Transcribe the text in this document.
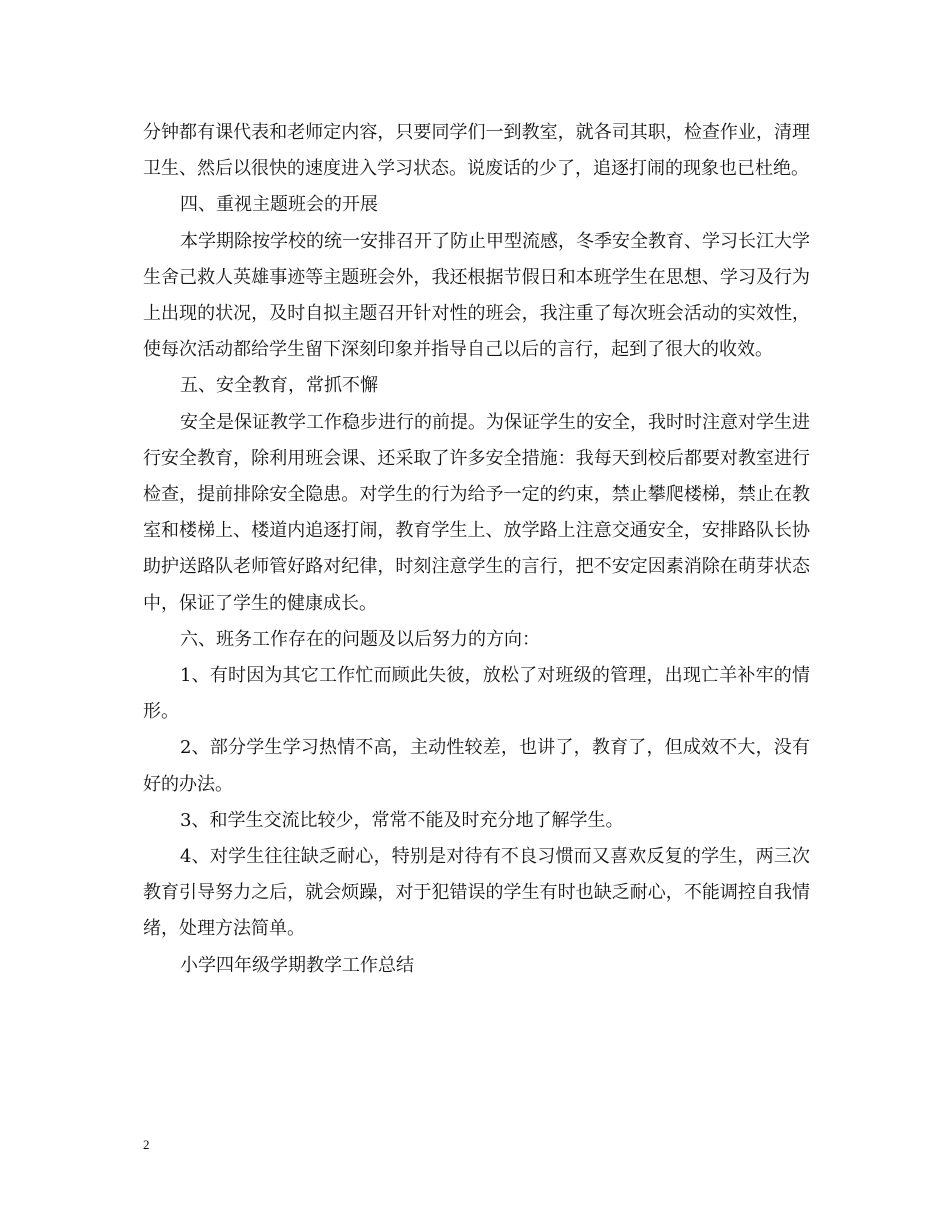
分钟都有课代表和老师定内容，只要同学们一到教室，就各司其职，检查作业，清理卫生、然后以很快的速度进入学习状态。说废话的少了，追逐打闹的现象也已杜绝。

四、重视主题班会的开展

本学期除按学校的统一安排召开了防止甲型流感，冬季安全教育、学习长江大学生舍己救人英雄事迹等主题班会外，我还根据节假日和本班学生在思想、学习及行为上出现的状况，及时自拟主题召开针对性的班会，我注重了每次班会活动的实效性，使每次活动都给学生留下深刻印象并指导自己以后的言行，起到了很大的收效。

五、安全教育，常抓不懈

安全是保证教学工作稳步进行的前提。为保证学生的安全，我时时注意对学生进行安全教育，除利用班会课、还采取了许多安全措施：我每天到校后都要对教室进行检查，提前排除安全隐患。对学生的行为给予一定的约束，禁止攀爬楼梯，禁止在教室和楼梯上、楼道内追逐打闹，教育学生上、放学路上注意交通安全，安排路队长协助护送路队老师管好路对纪律，时刻注意学生的言行，把不安定因素消除在萌芽状态中，保证了学生的健康成长。

六、班务工作存在的问题及以后努力的方向：

1、有时因为其它工作忙而顾此失彼，放松了对班级的管理，出现亡羊补牢的情形。

2、部分学生学习热情不高，主动性较差，也讲了，教育了，但成效不大，没有好的办法。

3、和学生交流比较少，常常不能及时充分地了解学生。

4、对学生往往缺乏耐心，特别是对待有不良习惯而又喜欢反复的学生，两三次教育引导努力之后，就会烦躁，对于犯错误的学生有时也缺乏耐心，不能调控自我情绪，处理方法简单。

小学四年级学期教学工作总结

2
